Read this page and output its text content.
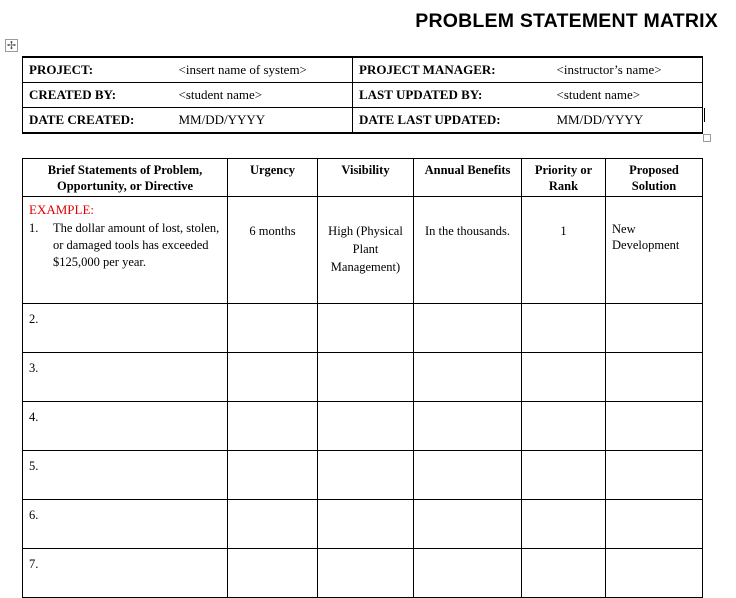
PROBLEM STATEMENT MATRIX
✢
PROJECT:	<insert name of system>	PROJECT MANAGER:	<instructor’s name>
CREATED BY:	<student name>	LAST UPDATED BY:	<student name>
DATE CREATED:	MM/DD/YYYY	DATE LAST UPDATED:	MM/DD/YYYY
Brief Statements of Problem, Opportunity, or Directive	Urgency	Visibility	Annual Benefits	Priority or Rank	Proposed Solution

EXAMPLE:
1. The dollar amount of lost, stolen, or damaged tools has exceeded $125,000 per year.	6 months	High (Physical Plant Management)	In the thousands.	1	New Development
2.					
3.					
4.					
5.					
6.					
7.					
